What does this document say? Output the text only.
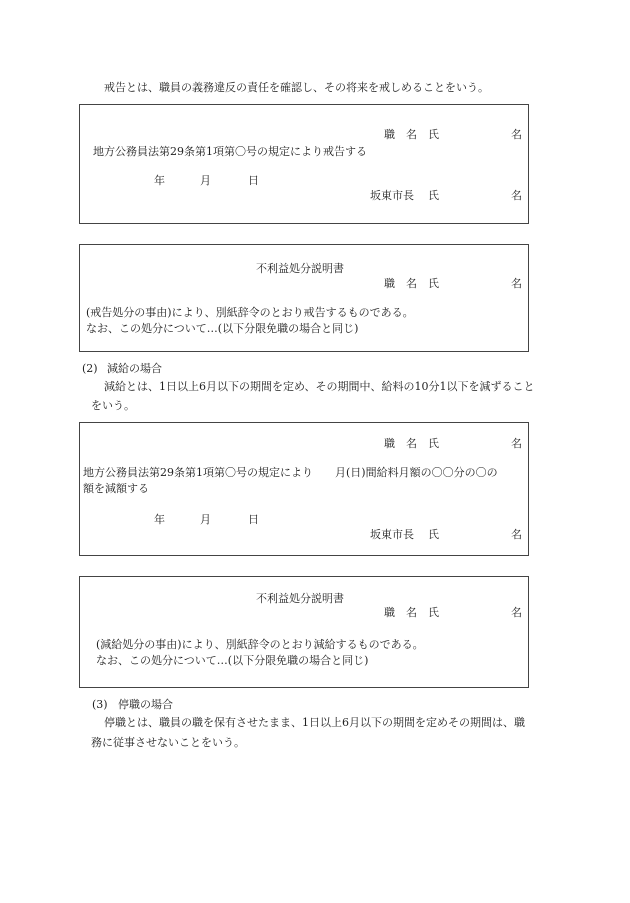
戒告とは、職員の義務違反の責任を確認し、その将来を戒しめることをいう。
職 名 氏	名
地方公務員法第29条第1項第〇号の規定により戒告する
年	月	日
坂東市長 氏	名
不利益処分説明書
職 名 氏	名
(戒告処分の事由)により、別紙辞令のとおり戒告するものである。
なお、この処分について…(以下分限免職の場合と同じ)
(2) 減給の場合
減給とは、1日以上6月以下の期間を定め、その期間中、給料の10分1以下を減ずること
をいう。
職 名 氏	名
地方公務員法第29条第1項第〇号の規定により　　月(日)間給料月額の〇〇分の〇の
額を減額する
年	月	日
坂東市長 氏	名
不利益処分説明書
職 名 氏	名
(減給処分の事由)により、別紙辞令のとおり減給するものである。
なお、この処分について…(以下分限免職の場合と同じ)
(3) 停職の場合
停職とは、職員の職を保有させたまま、1日以上6月以下の期間を定めその期間は、職
務に従事させないことをいう。
